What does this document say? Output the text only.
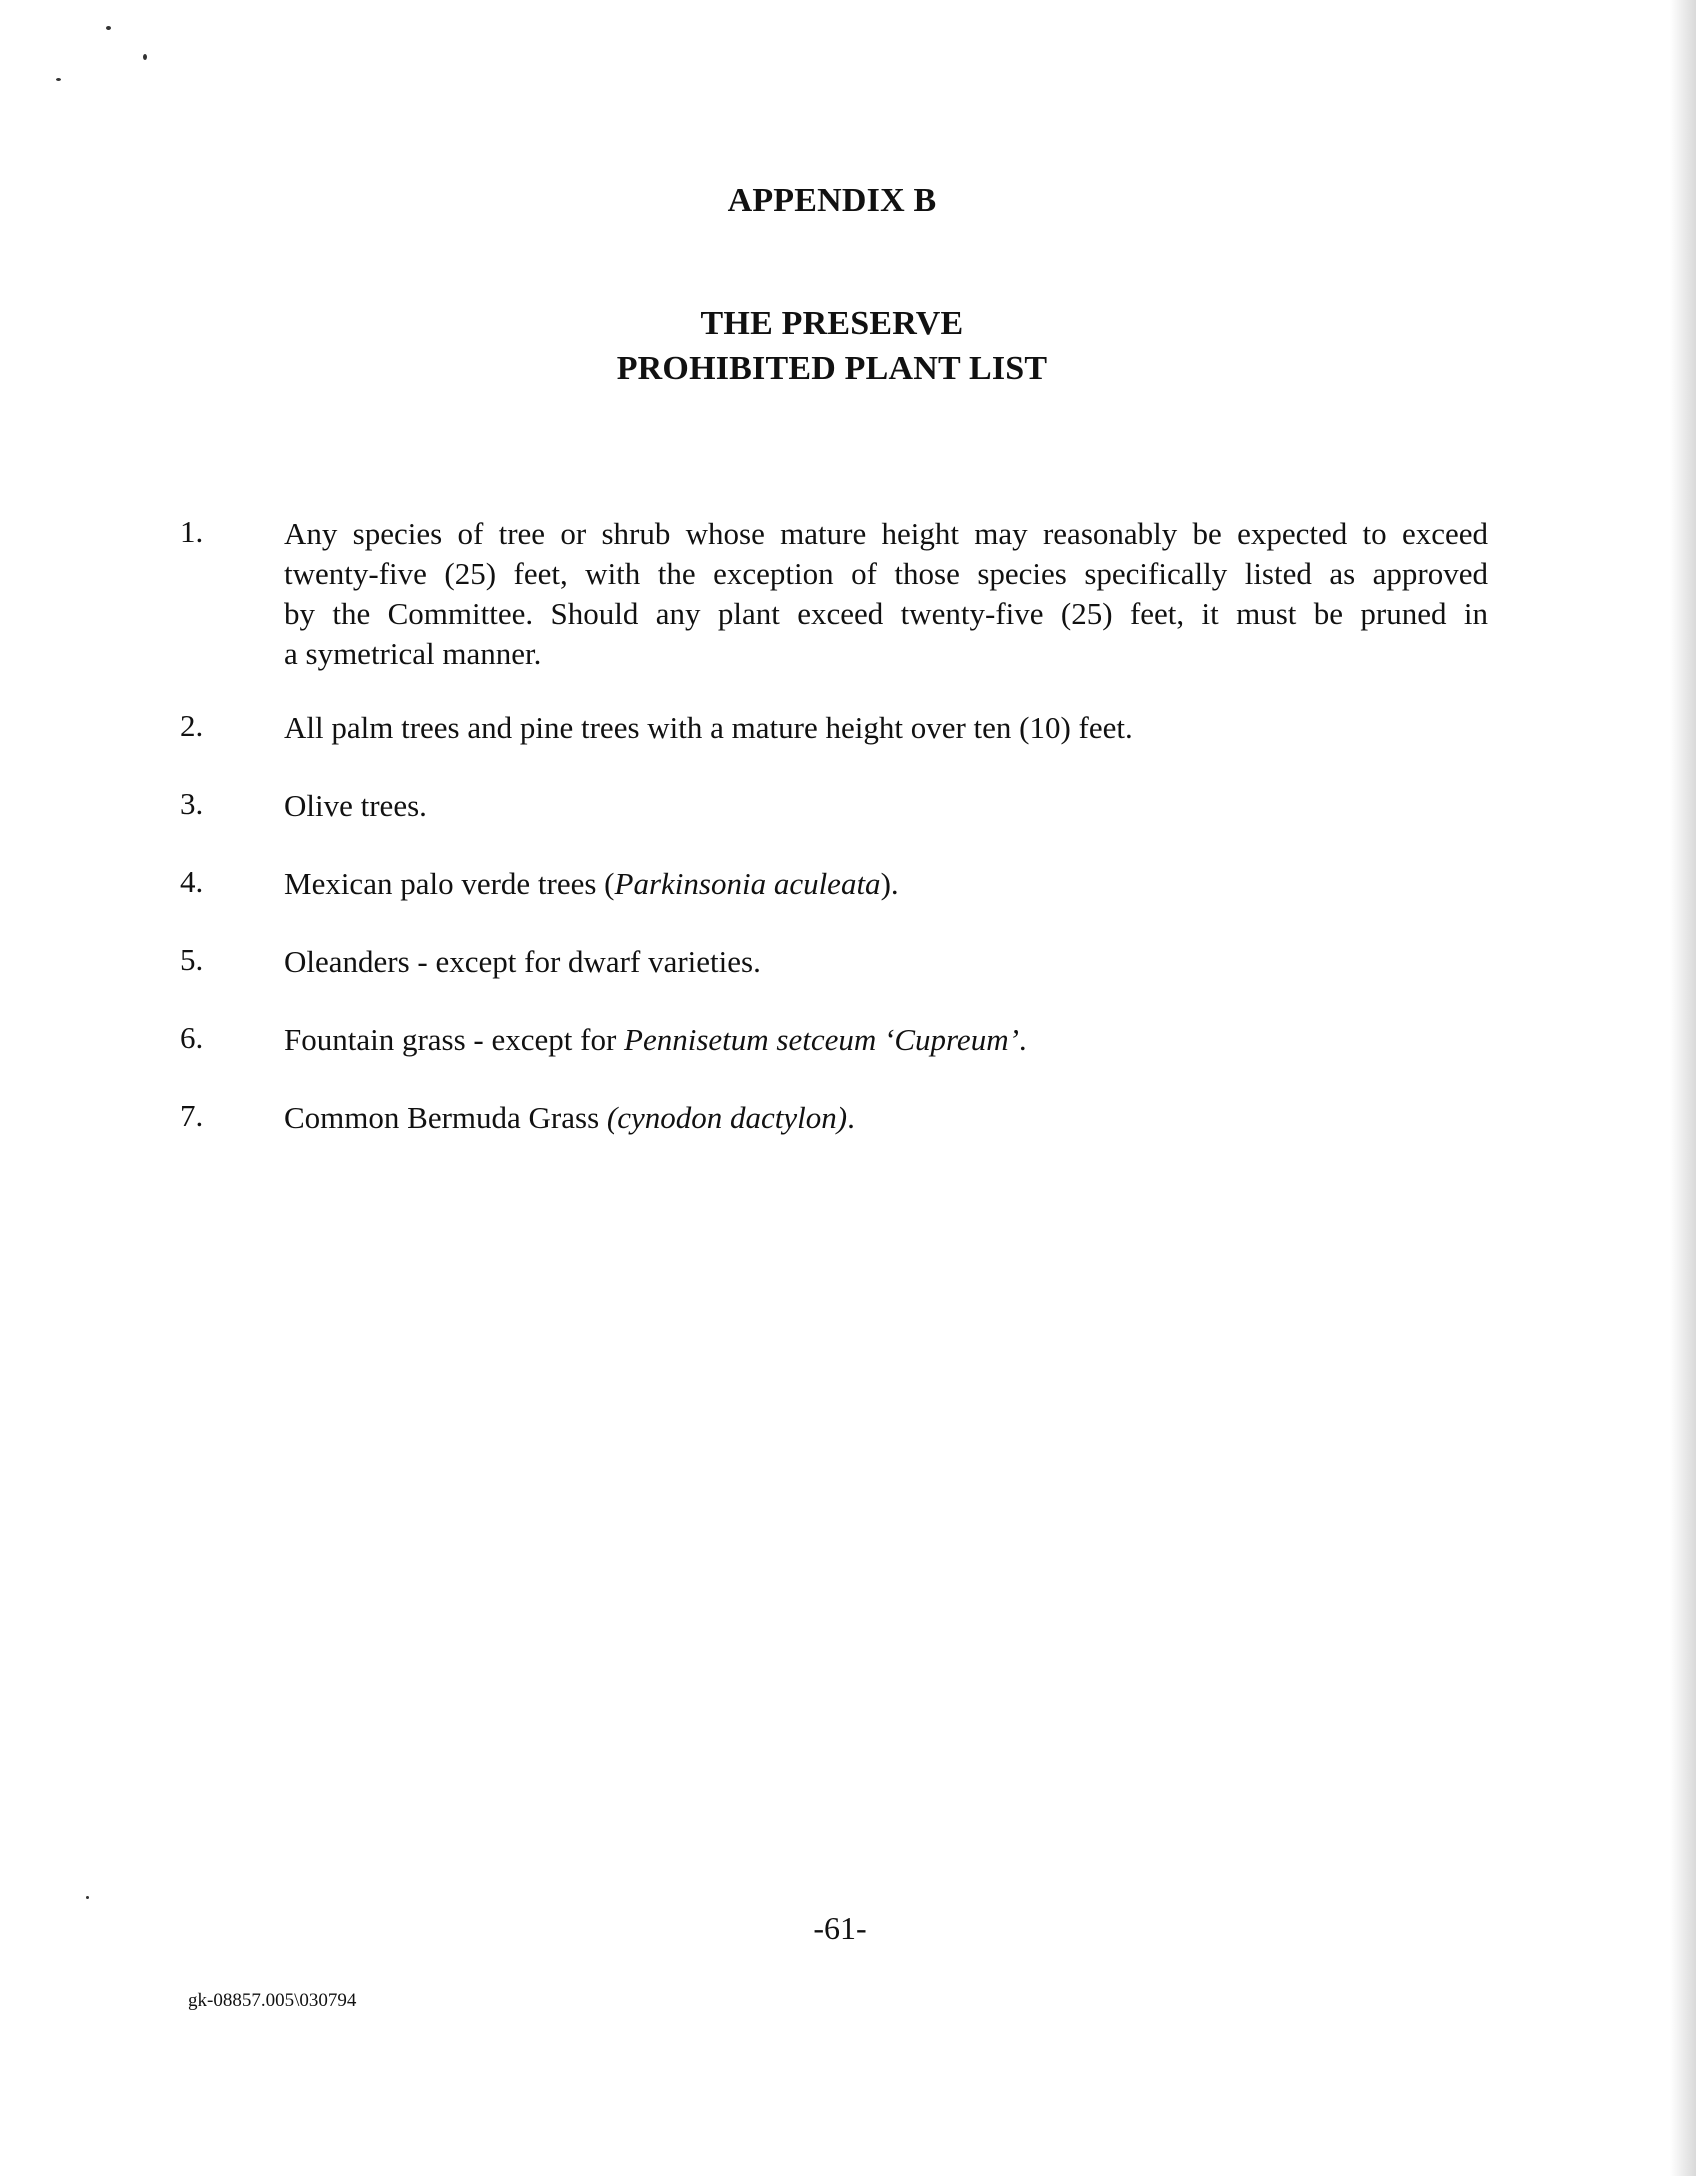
APPENDIX B
THE PRESERVE
PROHIBITED PLANT LIST
1.	Any species of tree or shrub whose mature height may reasonably be expected to exceed
twenty-five (25) feet, with the exception of those species specifically listed as approved
by the Committee. Should any plant exceed twenty-five (25) feet, it must be pruned in
a symetrical manner.
2.	All palm trees and pine trees with a mature height over ten (10) feet.
3.	Olive trees.
4.	Mexican palo verde trees (Parkinsonia aculeata).
5.	Oleanders - except for dwarf varieties.
6.	Fountain grass - except for Pennisetum setceum ‘Cupreum’.
7.	Common Bermuda Grass (cynodon dactylon).
-61-
gk-08857.005\030794
